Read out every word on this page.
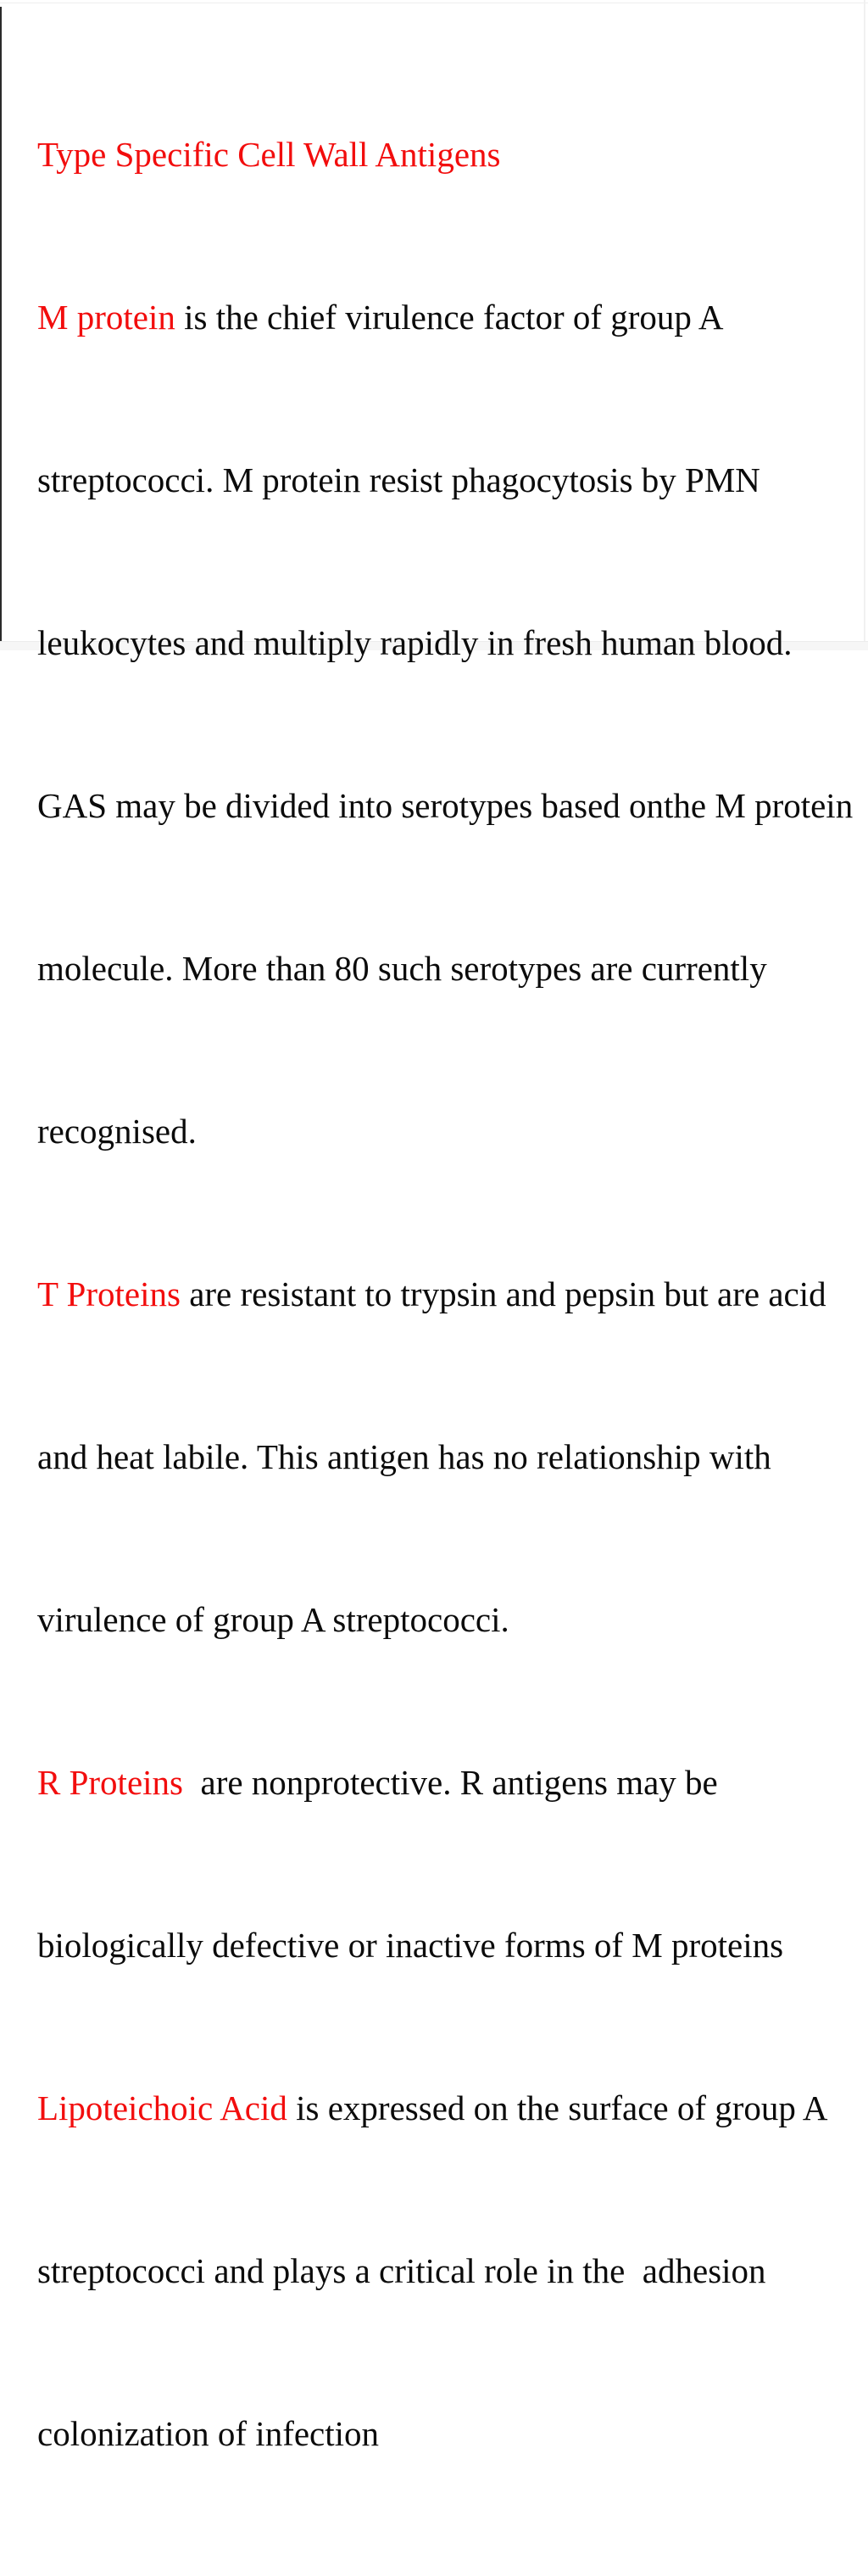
Type Specific Cell Wall Antigens

M protein is the chief virulence factor of group A

streptococci. M protein resist phagocytosis by PMN

leukocytes and multiply rapidly in fresh human blood.

GAS may be divided into serotypes based onthe M protein

molecule. More than 80 such serotypes are currently

recognised.

T Proteins are resistant to trypsin and pepsin but are acid

and heat labile. This antigen has no relationship with

virulence of group A streptococci.

R Proteins  are nonprotective. R antigens may be

biologically defective or inactive forms of M proteins

Lipoteichoic Acid is expressed on the surface of group A

streptococci and plays a critical role in the  adhesion

colonization of infection
